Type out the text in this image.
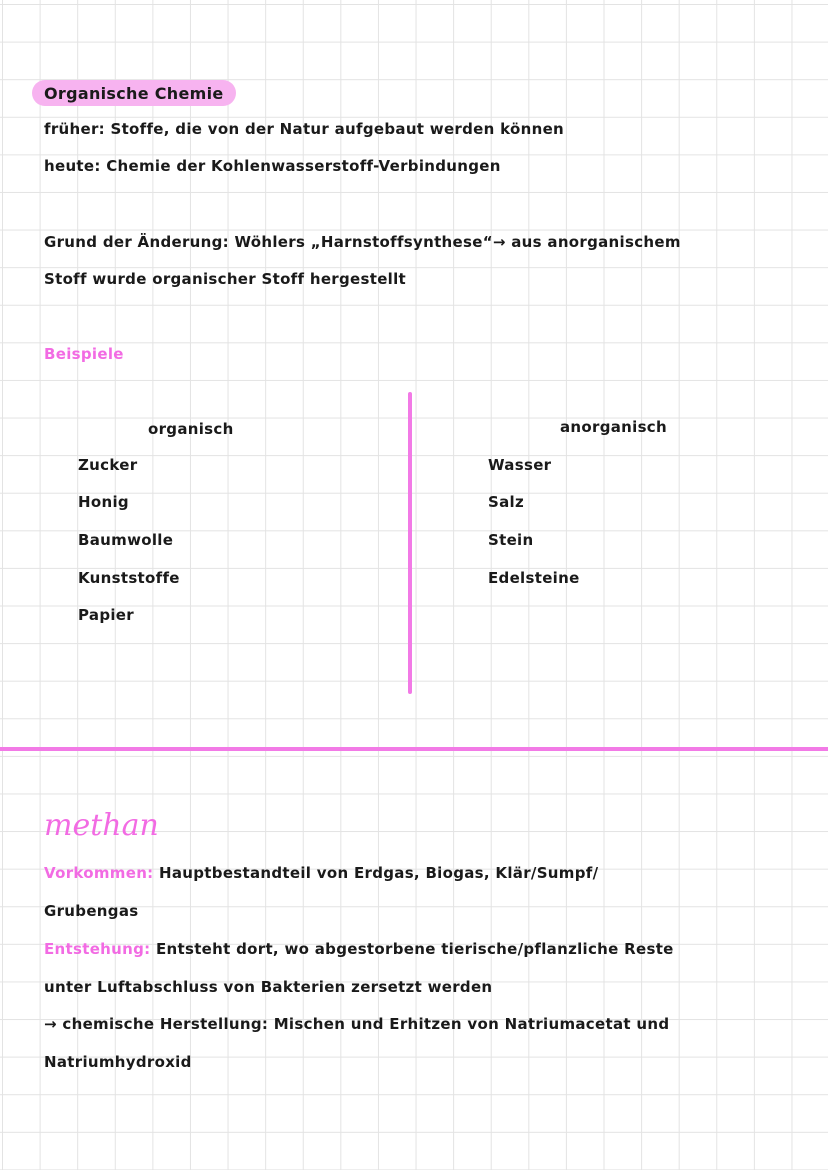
Organische Chemie
früher: Stoffe, die von der Natur aufgebaut werden können
heute: Chemie der Kohlenwasserstoff-Verbindungen
Grund der Änderung: Wöhlers „Harnstoffsynthese“→ aus anorganischem
Stoff wurde organischer Stoff hergestellt
Beispiele
organisch	anorganisch
Zucker
Honig
Baumwolle
Kunststoffe
Papier
Wasser
Salz
Stein
Edelsteine
methan
Vorkommen: Hauptbestandteil von Erdgas, Biogas, Klär/Sumpf/
Grubengas
Entstehung: Entsteht dort, wo abgestorbene tierische/pflanzliche Reste
unter Luftabschluss von Bakterien zersetzt werden
→ chemische Herstellung: Mischen und Erhitzen von Natriumacetat und
Natriumhydroxid
